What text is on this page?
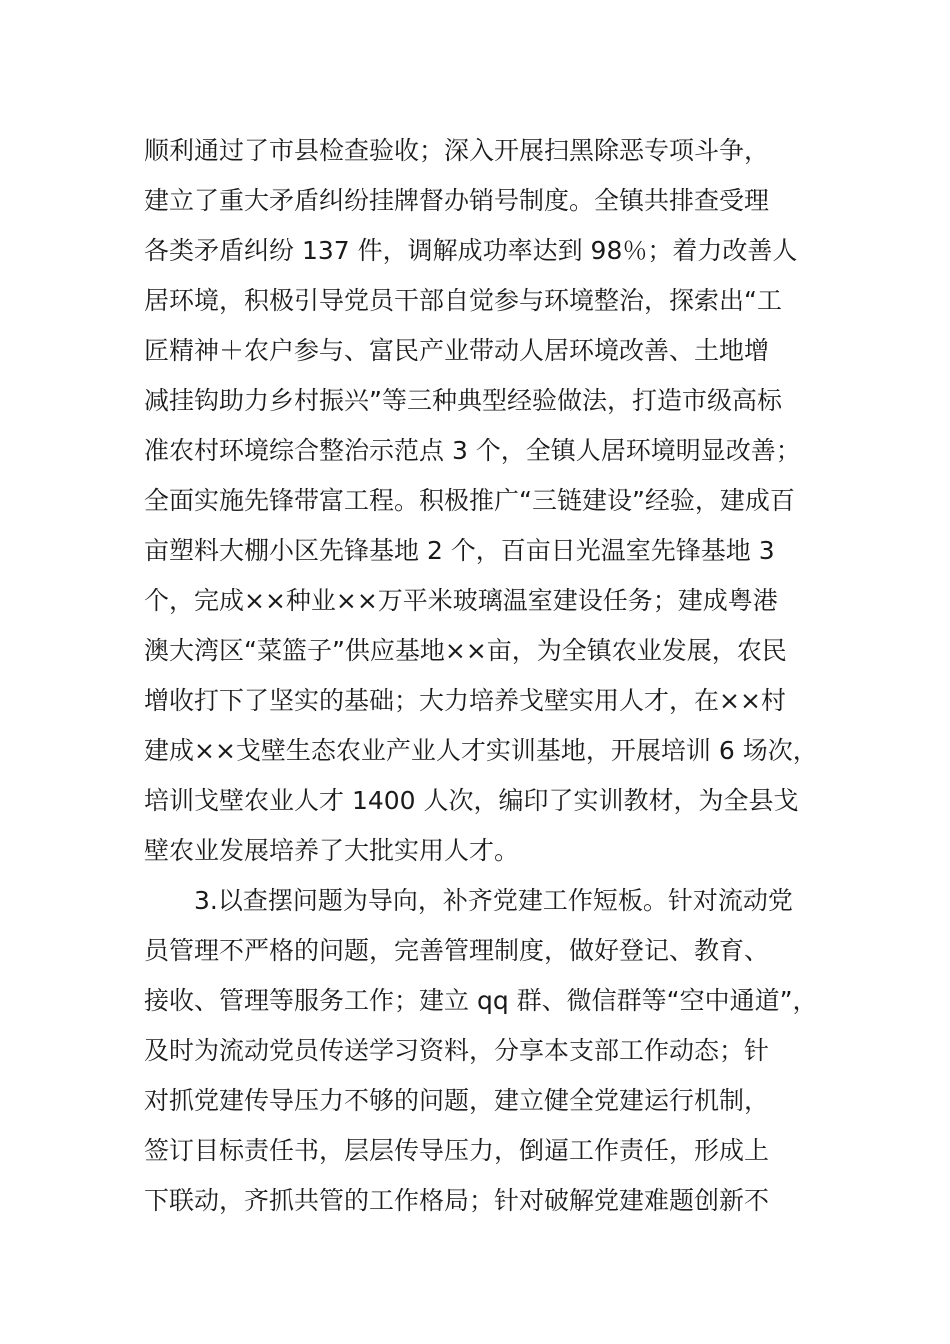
顺利通过了市县检查验收；深入开展扫黑除恶专项斗争，
建立了重大矛盾纠纷挂牌督办销号制度。全镇共排查受理
各类矛盾纠纷 137 件，调解成功率达到 98％；着力改善人
居环境，积极引导党员干部自觉参与环境整治，探索出“工
匠精神＋农户参与、富民产业带动人居环境改善、土地增
减挂钩助力乡村振兴”等三种典型经验做法，打造市级高标
准农村环境综合整治示范点 3 个，全镇人居环境明显改善；
全面实施先锋带富工程。积极推广“三链建设”经验，建成百
亩塑料大棚小区先锋基地 2 个，百亩日光温室先锋基地 3
个，完成××种业××万平米玻璃温室建设任务；建成粤港
澳大湾区“菜篮子”供应基地××亩，为全镇农业发展，农民
增收打下了坚实的基础；大力培养戈壁实用人才，在××村
建成××戈壁生态农业产业人才实训基地，开展培训 6 场次，
培训戈壁农业人才 1400 人次，编印了实训教材，为全县戈
壁农业发展培养了大批实用人才。
3.以查摆问题为导向，补齐党建工作短板。针对流动党
员管理不严格的问题，完善管理制度，做好登记、教育、
接收、管理等服务工作；建立 qq 群、微信群等“空中通道”，
及时为流动党员传送学习资料，分享本支部工作动态；针
对抓党建传导压力不够的问题，建立健全党建运行机制，
签订目标责任书，层层传导压力，倒逼工作责任，形成上
下联动，齐抓共管的工作格局；针对破解党建难题创新不
